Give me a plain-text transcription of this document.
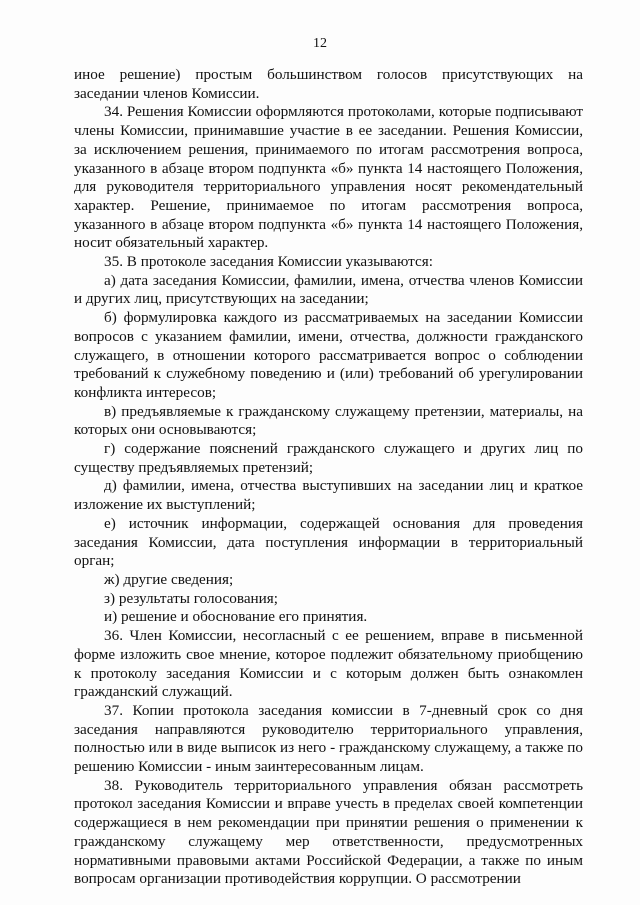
12

иное решение) простым большинством голосов присутствующих на заседании членов Комиссии.

34. Решения Комиссии оформляются протоколами, которые подписывают члены Комиссии, принимавшие участие в ее заседании. Решения Комиссии, за исключением решения, принимаемого по итогам рассмотрения вопроса, указанного в абзаце втором подпункта «б» пункта 14 настоящего Положения, для руководителя территориального управления носят рекомендательный характер. Решение, принимаемое по итогам рассмотрения вопроса, указанного в абзаце втором подпункта «б» пункта 14 настоящего Положения, носит обязательный характер.

35. В протоколе заседания Комиссии указываются:

а) дата заседания Комиссии, фамилии, имена, отчества членов Комиссии и других лиц, присутствующих на заседании;

б) формулировка каждого из рассматриваемых на заседании Комиссии вопросов с указанием фамилии, имени, отчества, должности гражданского служащего, в отношении которого рассматривается вопрос о соблюдении требований к служебному поведению и (или) требований об урегулировании конфликта интересов;

в) предъявляемые к гражданскому служащему претензии, материалы, на которых они основываются;

г) содержание пояснений гражданского служащего и других лиц по существу предъявляемых претензий;

д) фамилии, имена, отчества выступивших на заседании лиц и краткое изложение их выступлений;

е) источник информации, содержащей основания для проведения заседания Комиссии, дата поступления информации в территориальный орган;

ж) другие сведения;

з) результаты голосования;

и) решение и обоснование его принятия.

36. Член Комиссии, несогласный с ее решением, вправе в письменной форме изложить свое мнение, которое подлежит обязательному приобщению к протоколу заседания Комиссии и с которым должен быть ознакомлен гражданский служащий.

37. Копии протокола заседания комиссии в 7-дневный срок со дня заседания направляются руководителю территориального управления, полностью или в виде выписок из него - гражданскому служащему, а также по решению Комиссии - иным заинтересованным лицам.

38. Руководитель территориального управления обязан рассмотреть протокол заседания Комиссии и вправе учесть в пределах своей компетенции содержащиеся в нем рекомендации при принятии решения о применении к гражданскому служащему мер ответственности, предусмотренных нормативными правовыми актами Российской Федерации, а также по иным вопросам организации противодействия коррупции. О рассмотрении
